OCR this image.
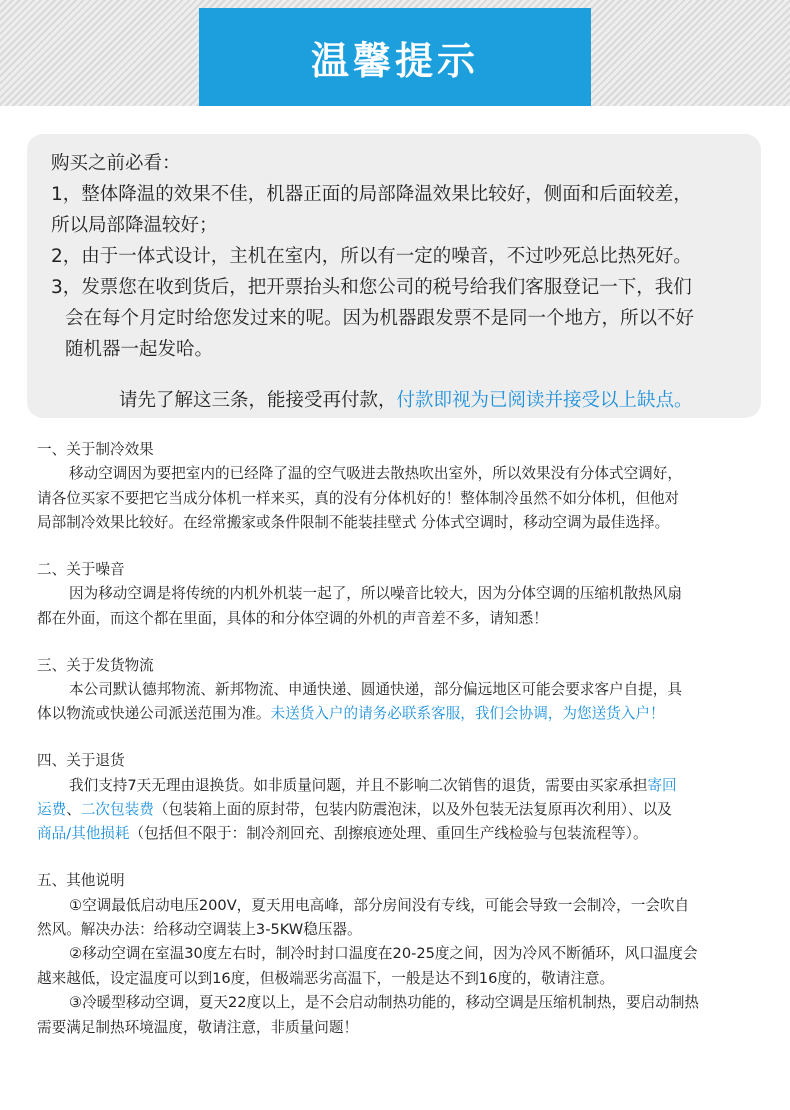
温馨提示

购买之前必看：

1，整体降温的效果不佳，机器正面的局部降温效果比较好，侧面和后面较差，

所以局部降温较好；

2，由于一体式设计，主机在室内，所以有一定的噪音，不过吵死总比热死好。

3，发票您在收到货后，把开票抬头和您公司的税号给我们客服登记一下，我们

会在每个月定时给您发过来的呢。因为机器跟发票不是同一个地方，所以不好

随机器一起发哈。

请先了解这三条，能接受再付款，付款即视为已阅读并接受以上缺点。

一、关于制冷效果

移动空调因为要把室内的已经降了温的空气吸进去散热吹出室外，所以效果没有分体式空调好，

请各位买家不要把它当成分体机一样来买，真的没有分体机好的！整体制冷虽然不如分体机，但他对

局部制冷效果比较好。在经常搬家或条件限制不能装挂壁式 分体式空调时，移动空调为最佳选择。

二、关于噪音

因为移动空调是将传统的内机外机装一起了，所以噪音比较大，因为分体空调的压缩机散热风扇

都在外面，而这个都在里面，具体的和分体空调的外机的声音差不多，请知悉！

三、关于发货物流

本公司默认德邦物流、新邦物流、申通快递、圆通快递，部分偏远地区可能会要求客户自提，具

体以物流或快递公司派送范围为准。未送货入户的请务必联系客服，我们会协调，为您送货入户！

四、关于退货

我们支持7天无理由退换货。如非质量问题，并且不影响二次销售的退货，需要由买家承担寄回

运费、二次包装费（包装箱上面的原封带，包装内防震泡沫，以及外包装无法复原再次利用）、以及

商品/其他损耗（包括但不限于：制冷剂回充、刮擦痕迹处理、重回生产线检验与包装流程等）。

五、其他说明

①空调最低启动电压200V，夏天用电高峰，部分房间没有专线，可能会导致一会制冷，一会吹自

然风。解决办法：给移动空调装上3-5KW稳压器。

②移动空调在室温30度左右时，制冷时封口温度在20-25度之间，因为冷风不断循环，风口温度会

越来越低，设定温度可以到16度，但极端恶劣高温下，一般是达不到16度的，敬请注意。

③冷暖型移动空调，夏天22度以上，是不会启动制热功能的，移动空调是压缩机制热，要启动制热

需要满足制热环境温度，敬请注意，非质量问题！
